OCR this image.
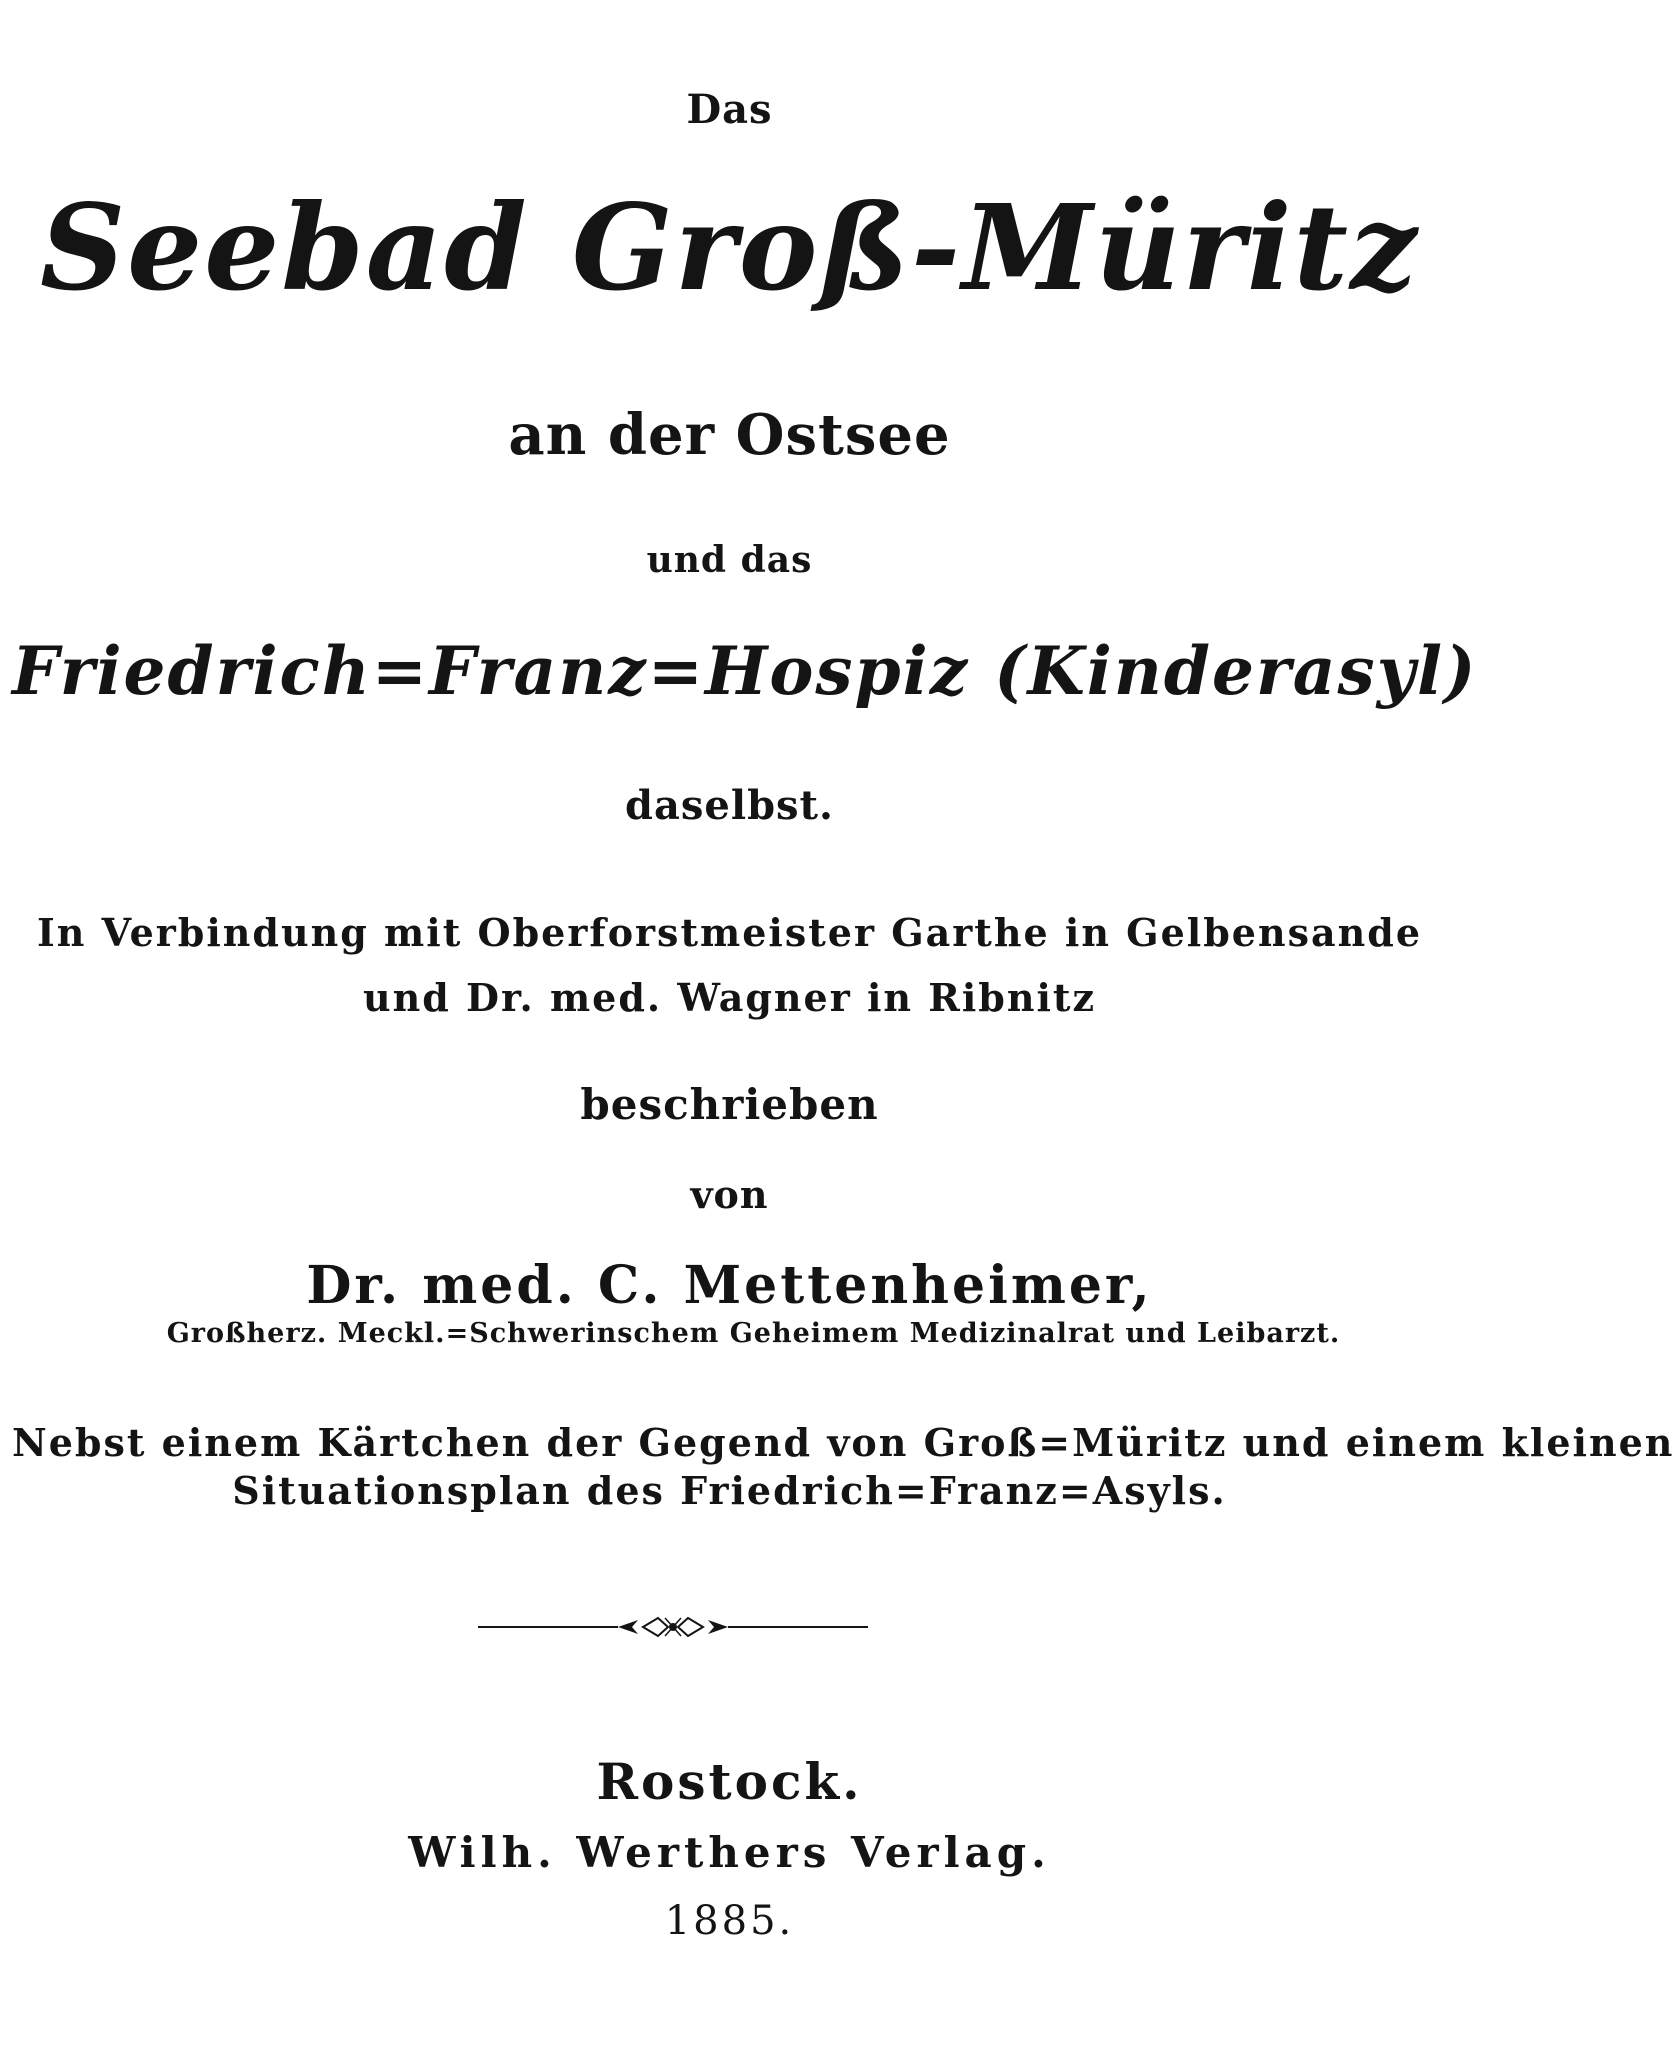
Das
Seebad Groß-Müritz
an der Ostsee
und das
Friedrich=Franz=Hospiz (Kinderasyl)
daselbst.
In Verbindung mit Oberforstmeister Garthe in Gelbensande
und Dr. med. Wagner in Ribnitz
beschrieben
von
Dr. med. C. Mettenheimer,
Großherz. Meckl.=Schwerinschem Geheimem Medizinalrat und Leibarzt.
Nebst einem Kärtchen der Gegend von Groß=Müritz und einem kleinen
Situationsplan des Friedrich=Franz=Asyls.
Rostock.
Wilh. Werthers Verlag.
1885.
